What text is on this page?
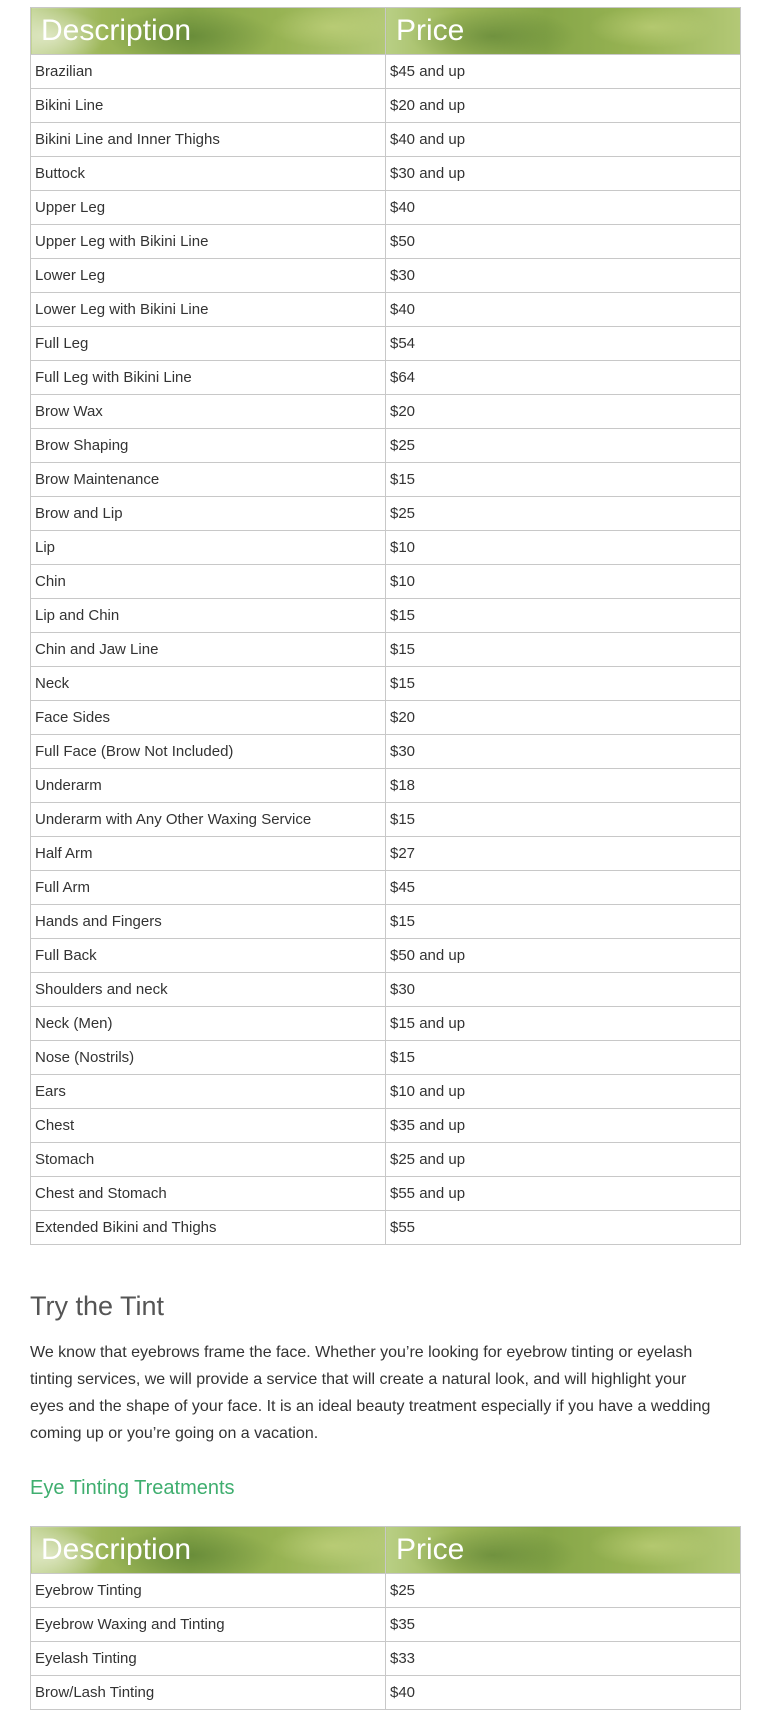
Description	Price
Brazilian	$45 and up
Bikini Line	$20 and up
Bikini Line and Inner Thighs	$40 and up
Buttock	$30 and up
Upper Leg	$40
Upper Leg with Bikini Line	$50
Lower Leg	$30
Lower Leg with Bikini Line	$40
Full Leg	$54
Full Leg with Bikini Line	$64
Brow Wax	$20
Brow Shaping	$25
Brow Maintenance	$15
Brow and Lip	$25
Lip	$10
Chin	$10
Lip and Chin	$15
Chin and Jaw Line	$15
Neck	$15
Face Sides	$20
Full Face (Brow Not Included)	$30
Underarm	$18
Underarm with Any Other Waxing Service	$15
Half Arm	$27
Full Arm	$45
Hands and Fingers	$15
Full Back	$50 and up
Shoulders and neck	$30
Neck (Men)	$15 and up
Nose (Nostrils)	$15
Ears	$10 and up
Chest	$35 and up
Stomach	$25 and up
Chest and Stomach	$55 and up
Extended Bikini and Thighs	$55
Try the Tint

We know that eyebrows frame the face. Whether you’re looking for eyebrow tinting or eyelash tinting services, we will provide a service that will create a natural look, and will highlight your eyes and the shape of your face. It is an ideal beauty treatment especially if you have a wedding coming up or you’re going on a vacation.

Eye Tinting Treatments
Description	Price
Eyebrow Tinting	$25
Eyebrow Waxing and Tinting	$35
Eyelash Tinting	$33
Brow/Lash Tinting	$40
